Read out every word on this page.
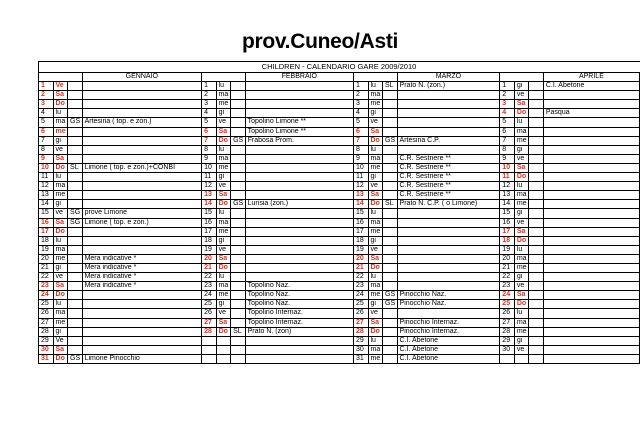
prov.Cuneo/Asti
CHILDREN - CALENDARIO GARE 2009/2010
			GENNAIO				FEBBRAIO				MARZO				APRILE
1	Ve			1	lu			1	lu	SL	Prato N. (zon.)	1	gi		C.I. Abetone
2	Sa			2	ma			2	ma			2	ve		
3	Do			3	me			3	me			3	Sa		
4	lu			4	gi			4	gi			4	Do		Pasqua
5	ma	GS	Artesina ( top. e zon.)	5	ve		Topolino Limone **	5	ve			5	lu		
6	me			6	Sa		Topolino Limone **	6	Sa			6	ma		
7	gi			7	Do	GS	Frabosa Prom.	7	Do	GS	Artesina C.P.	7	me		
8	ve			8	lu			8	lu			8	gi		
9	Sa			9	ma			9	ma		C.R. Sestriere **	9	ve		
10	Do	SL	Limone ( top. e zon.)+CONBI	10	me			10	me		C.R. Sestriere **	10	Sa		
11	lu			11	gi			11	gi		C.R. Sestriere **	11	Do		
12	ma			12	ve			12	ve		C.R. Sestriere **	12	lu		
13	me			13	Sa			13	Sa		C.R. Sestriere **	13	ma		
14	gi			14	Do	GS	Lurisia (zon.)	14	Do	SL	Prato N. C.P. ( o Limone)	14	me		
15	ve	SG	prove Limone	15	lu			15	lu			15	gi		
16	Sa	SG	Limone ( top. e zon.)	16	ma			16	ma			16	ve		
17	Do			17	me			17	me			17	Sa		
18	lu			18	gi			18	gi			18	Do		
19	ma			19	ve			19	ve			19	lu		
20	me		Mera indicative *	20	Sa			20	Sa			20	ma		
21	gi		Mera indicative *	21	Do			21	Do			21	me		
22	ve		Mera indicative *	22	lu			22	lu			22	gi		
23	Sa		Mera indicative *	23	ma		Topolino Naz.	23	ma			23	ve		
24	Do			24	me		Topolino Naz.	24	me	GS	Pinocchio Naz.	24	Sa		
25	lu			25	gi		Topolino Naz.	25	gi	GS	Pinocchio Naz.	25	Do		
26	ma			26	ve		Topolino Internaz.	26	ve			26	lu		
27	me			27	Sa		Topolino Internaz.	27	Sa		Pinocchio Internaz.	27	ma		
28	gi			28	Do	SL	Prato N. (zon)	28	Do		Pinocchio Internaz.	28	me		
29	Ve							29	lu		C.I. Abetone	29	gi		
30	Sa							30	ma		C.I. Abetone	30	ve		
31	Do	GS	Limone Pinocchio					31	me		C.I. Abetone				
